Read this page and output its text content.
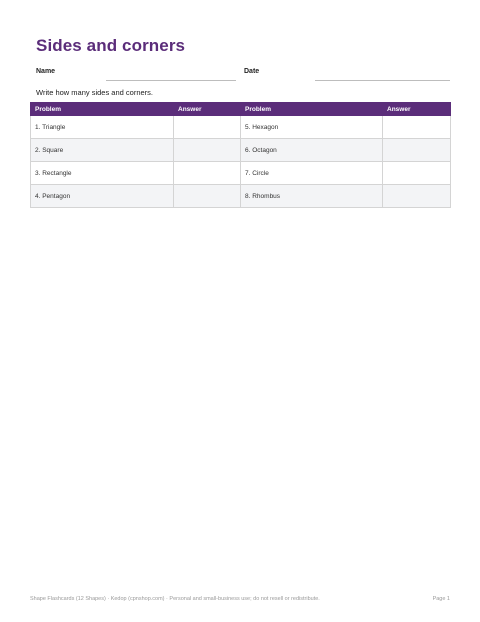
Sides and corners
Name	Date
Write how many sides and corners.
Problem	Answer	Problem	Answer
1. Triangle		5. Hexagon	
2. Square		6. Octagon	
3. Rectangle		7. Circle	
4. Pentagon		8. Rhombus	
Shape Flashcards (12 Shapes) · Kedop (cpnshop.com) · Personal and small-business use; do not resell or redistribute.	Page 1
